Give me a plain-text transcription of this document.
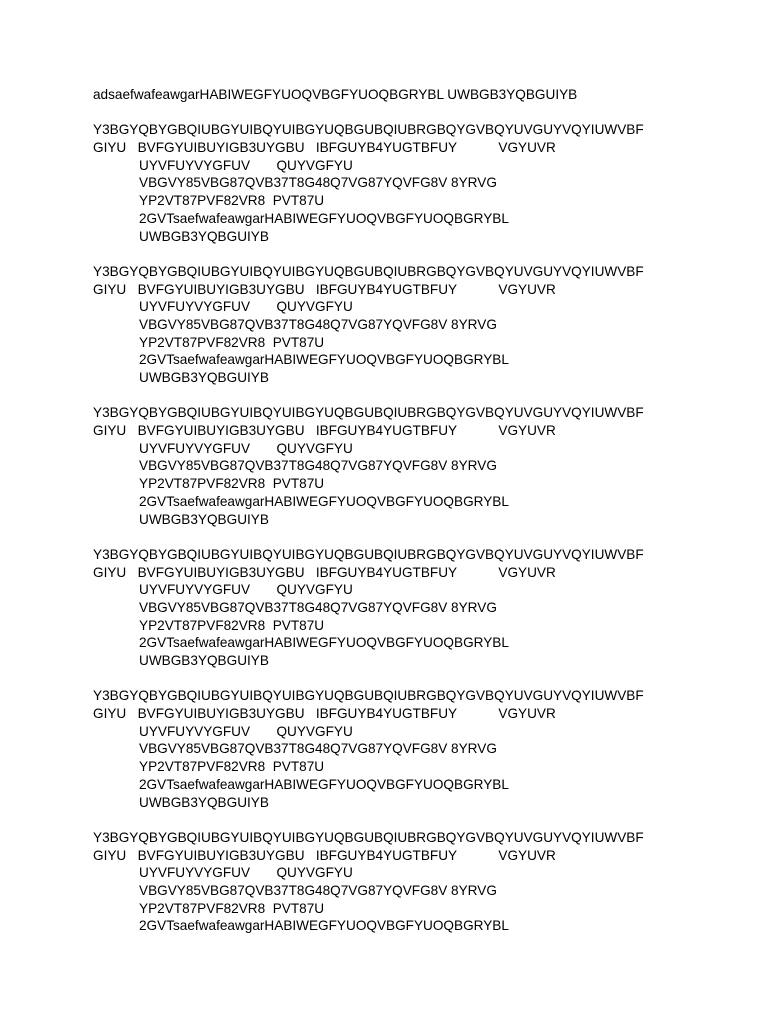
adsaefwafeawgarHABIWEGFYUOQVBGFYUOQBGRYBL UWBGB3YQBGUIYB
Y3BGYQBYGBQIUBGYUIBQYUIBGYUQBGUBQIUBRGBQYGVBQYUVGUYVQYIUWVBF
GIYU   BVFGYUIBUYIGB3UYGBU   IBFGUYB4YUGTBFUY           VGYUVR
UYVFUYVYGFUV       QUYVGFYU
VBGVY85VBG87QVB37T8G48Q7VG87YQVFG8V 8YRVG
YP2VT87PVF82VR8  PVT87U
2GVTsaefwafeawgarHABIWEGFYUOQVBGFYUOQBGRYBL
UWBGB3YQBGUIYB
Y3BGYQBYGBQIUBGYUIBQYUIBGYUQBGUBQIUBRGBQYGVBQYUVGUYVQYIUWVBF
GIYU   BVFGYUIBUYIGB3UYGBU   IBFGUYB4YUGTBFUY           VGYUVR
UYVFUYVYGFUV       QUYVGFYU
VBGVY85VBG87QVB37T8G48Q7VG87YQVFG8V 8YRVG
YP2VT87PVF82VR8  PVT87U
2GVTsaefwafeawgarHABIWEGFYUOQVBGFYUOQBGRYBL
UWBGB3YQBGUIYB
Y3BGYQBYGBQIUBGYUIBQYUIBGYUQBGUBQIUBRGBQYGVBQYUVGUYVQYIUWVBF
GIYU   BVFGYUIBUYIGB3UYGBU   IBFGUYB4YUGTBFUY           VGYUVR
UYVFUYVYGFUV       QUYVGFYU
VBGVY85VBG87QVB37T8G48Q7VG87YQVFG8V 8YRVG
YP2VT87PVF82VR8  PVT87U
2GVTsaefwafeawgarHABIWEGFYUOQVBGFYUOQBGRYBL
UWBGB3YQBGUIYB
Y3BGYQBYGBQIUBGYUIBQYUIBGYUQBGUBQIUBRGBQYGVBQYUVGUYVQYIUWVBF
GIYU   BVFGYUIBUYIGB3UYGBU   IBFGUYB4YUGTBFUY           VGYUVR
UYVFUYVYGFUV       QUYVGFYU
VBGVY85VBG87QVB37T8G48Q7VG87YQVFG8V 8YRVG
YP2VT87PVF82VR8  PVT87U
2GVTsaefwafeawgarHABIWEGFYUOQVBGFYUOQBGRYBL
UWBGB3YQBGUIYB
Y3BGYQBYGBQIUBGYUIBQYUIBGYUQBGUBQIUBRGBQYGVBQYUVGUYVQYIUWVBF
GIYU   BVFGYUIBUYIGB3UYGBU   IBFGUYB4YUGTBFUY           VGYUVR
UYVFUYVYGFUV       QUYVGFYU
VBGVY85VBG87QVB37T8G48Q7VG87YQVFG8V 8YRVG
YP2VT87PVF82VR8  PVT87U
2GVTsaefwafeawgarHABIWEGFYUOQVBGFYUOQBGRYBL
UWBGB3YQBGUIYB
Y3BGYQBYGBQIUBGYUIBQYUIBGYUQBGUBQIUBRGBQYGVBQYUVGUYVQYIUWVBF
GIYU   BVFGYUIBUYIGB3UYGBU   IBFGUYB4YUGTBFUY           VGYUVR
UYVFUYVYGFUV       QUYVGFYU
VBGVY85VBG87QVB37T8G48Q7VG87YQVFG8V 8YRVG
YP2VT87PVF82VR8  PVT87U
2GVTsaefwafeawgarHABIWEGFYUOQVBGFYUOQBGRYBL
